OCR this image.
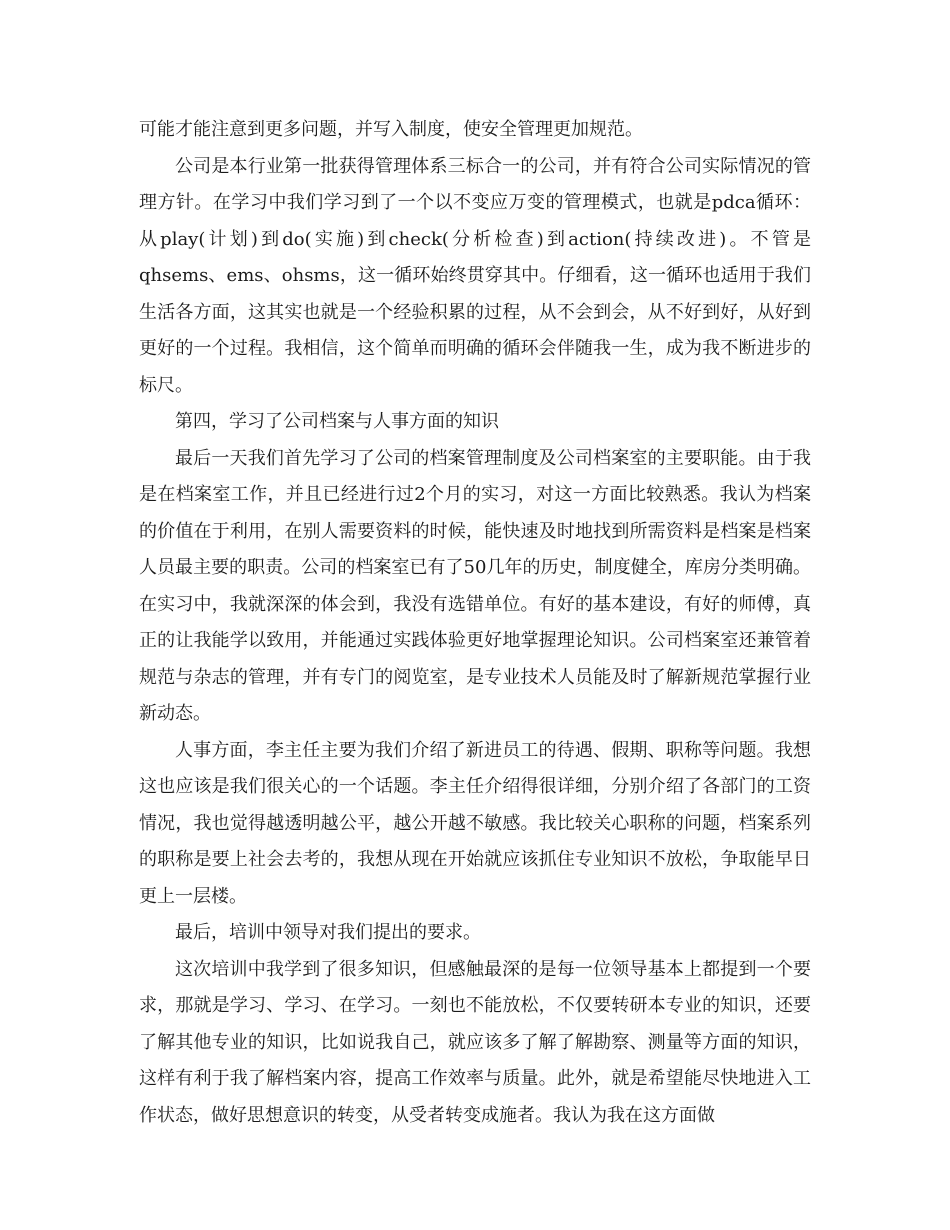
可能才能注意到更多问题，并写入制度，使安全管理更加规范。

公司是本行业第一批获得管理体系三标合一的公司，并有符合公司实际情况的管理方针。在学习中我们学习到了一个以不变应万变的管理模式，也就是pdca循环：从play(计划)到do(实施)到check(分析检查)到action(持续改进)。不管是qhsems、ems、ohsms，这一循环始终贯穿其中。仔细看，这一循环也适用于我们生活各方面，这其实也就是一个经验积累的过程，从不会到会，从不好到好，从好到更好的一个过程。我相信，这个简单而明确的循环会伴随我一生，成为我不断进步的标尺。

第四，学习了公司档案与人事方面的知识

最后一天我们首先学习了公司的档案管理制度及公司档案室的主要职能。由于我是在档案室工作，并且已经进行过2个月的实习，对这一方面比较熟悉。我认为档案的价值在于利用，在别人需要资料的时候，能快速及时地找到所需资料是档案是档案人员最主要的职责。公司的档案室已有了50几年的历史，制度健全，库房分类明确。在实习中，我就深深的体会到，我没有选错单位。有好的基本建设，有好的师傅，真正的让我能学以致用，并能通过实践体验更好地掌握理论知识。公司档案室还兼管着规范与杂志的管理，并有专门的阅览室，是专业技术人员能及时了解新规范掌握行业新动态。

人事方面，李主任主要为我们介绍了新进员工的待遇、假期、职称等问题。我想这也应该是我们很关心的一个话题。李主任介绍得很详细，分别介绍了各部门的工资情况，我也觉得越透明越公平，越公开越不敏感。我比较关心职称的问题，档案系列的职称是要上社会去考的，我想从现在开始就应该抓住专业知识不放松，争取能早日更上一层楼。

最后，培训中领导对我们提出的要求。

这次培训中我学到了很多知识，但感触最深的是每一位领导基本上都提到一个要求，那就是学习、学习、在学习。一刻也不能放松，不仅要转研本专业的知识，还要了解其他专业的知识，比如说我自己，就应该多了解了解勘察、测量等方面的知识，这样有利于我了解档案内容，提高工作效率与质量。此外，就是希望能尽快地进入工作状态，做好思想意识的转变，从受者转变成施者。我认为我在这方面做
